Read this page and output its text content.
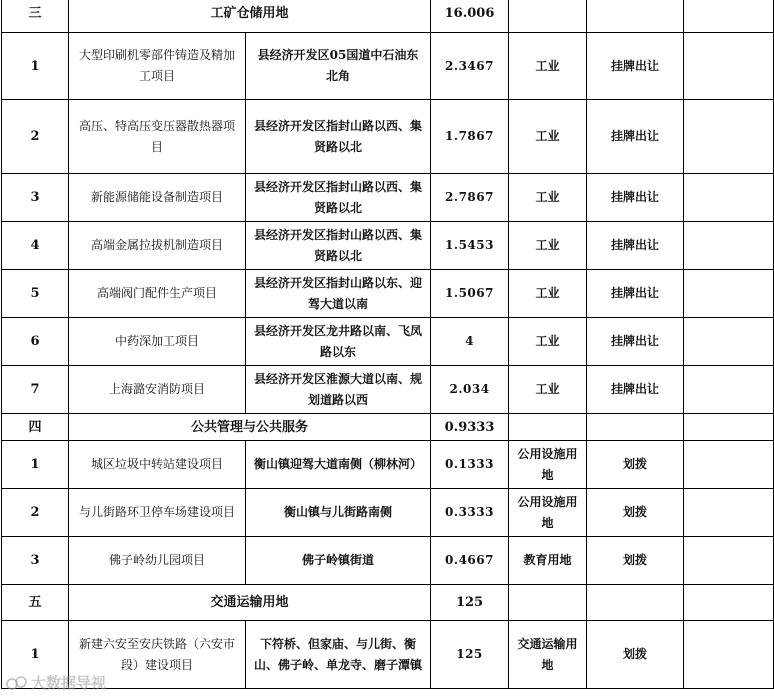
三	工矿仓储用地		16.006			
1	大型印刷机零部件铸造及精加工项目	县经济开发区05国道中石油东北角	2.3467	工业	挂牌出让	
2	高压、特高压变压器散热器项目	县经济开发区指封山路以西、集贤路以北	1.7867	工业	挂牌出让	
3	新能源储能设备制造项目	县经济开发区指封山路以西、集贤路以北	2.7867	工业	挂牌出让	
4	高端金属拉拔机制造项目	县经济开发区指封山路以西、集贤路以北	1.5453	工业	挂牌出让	
5	高端阀门配件生产项目	县经济开发区指封山路以东、迎驾大道以南	1.5067	工业	挂牌出让	
6	中药深加工项目	县经济开发区龙井路以南、飞凤路以东	4	工业	挂牌出让	
7	上海潞安消防项目	县经济开发区淮源大道以南、规划道路以西	2.034	工业	挂牌出让	
四	公共管理与公共服务		0.9333			
1	城区垃圾中转站建设项目	衡山镇迎驾大道南侧（柳林河）	0.1333	公用设施用地	划拨	
2	与儿街路环卫停车场建设项目	衡山镇与儿街路南侧	0.3333	公用设施用地	划拨	
3	佛子岭幼儿园项目	佛子岭镇街道	0.4667	教育用地	划拨	
五	交通运输用地		125			
1	新建六安至安庆铁路（六安市段）建设项目	下符桥、但家庙、与儿街、衡山、佛子岭、单龙寺、磨子潭镇	125	交通运输用地	划拨	
大数据导视
